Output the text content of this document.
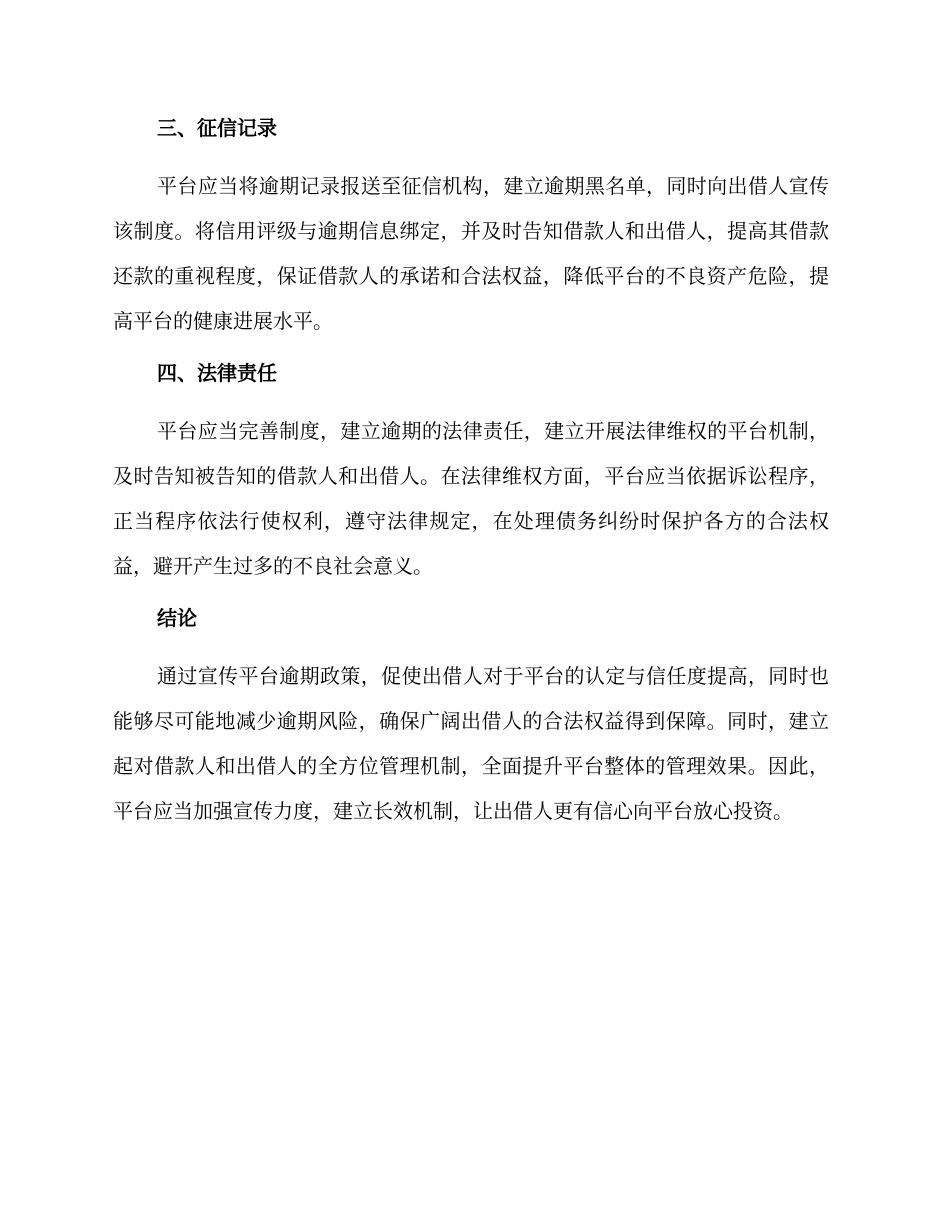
三、征信记录

平台应当将逾期记录报送至征信机构，建立逾期黑名单，同时向出借人宣传该制度。将信用评级与逾期信息绑定，并及时告知借款人和出借人，提高其借款还款的重视程度，保证借款人的承诺和合法权益，降低平台的不良资产危险，提高平台的健康进展水平。

四、法律责任

平台应当完善制度，建立逾期的法律责任，建立开展法律维权的平台机制，及时告知被告知的借款人和出借人。在法律维权方面，平台应当依据诉讼程序，正当程序依法行使权利，遵守法律规定，在处理债务纠纷时保护各方的合法权益，避开产生过多的不良社会意义。

结论

通过宣传平台逾期政策，促使出借人对于平台的认定与信任度提高，同时也能够尽可能地减少逾期风险，确保广阔出借人的合法权益得到保障。同时，建立起对借款人和出借人的全方位管理机制，全面提升平台整体的管理效果。因此，平台应当加强宣传力度，建立长效机制，让出借人更有信心向平台放心投资。
